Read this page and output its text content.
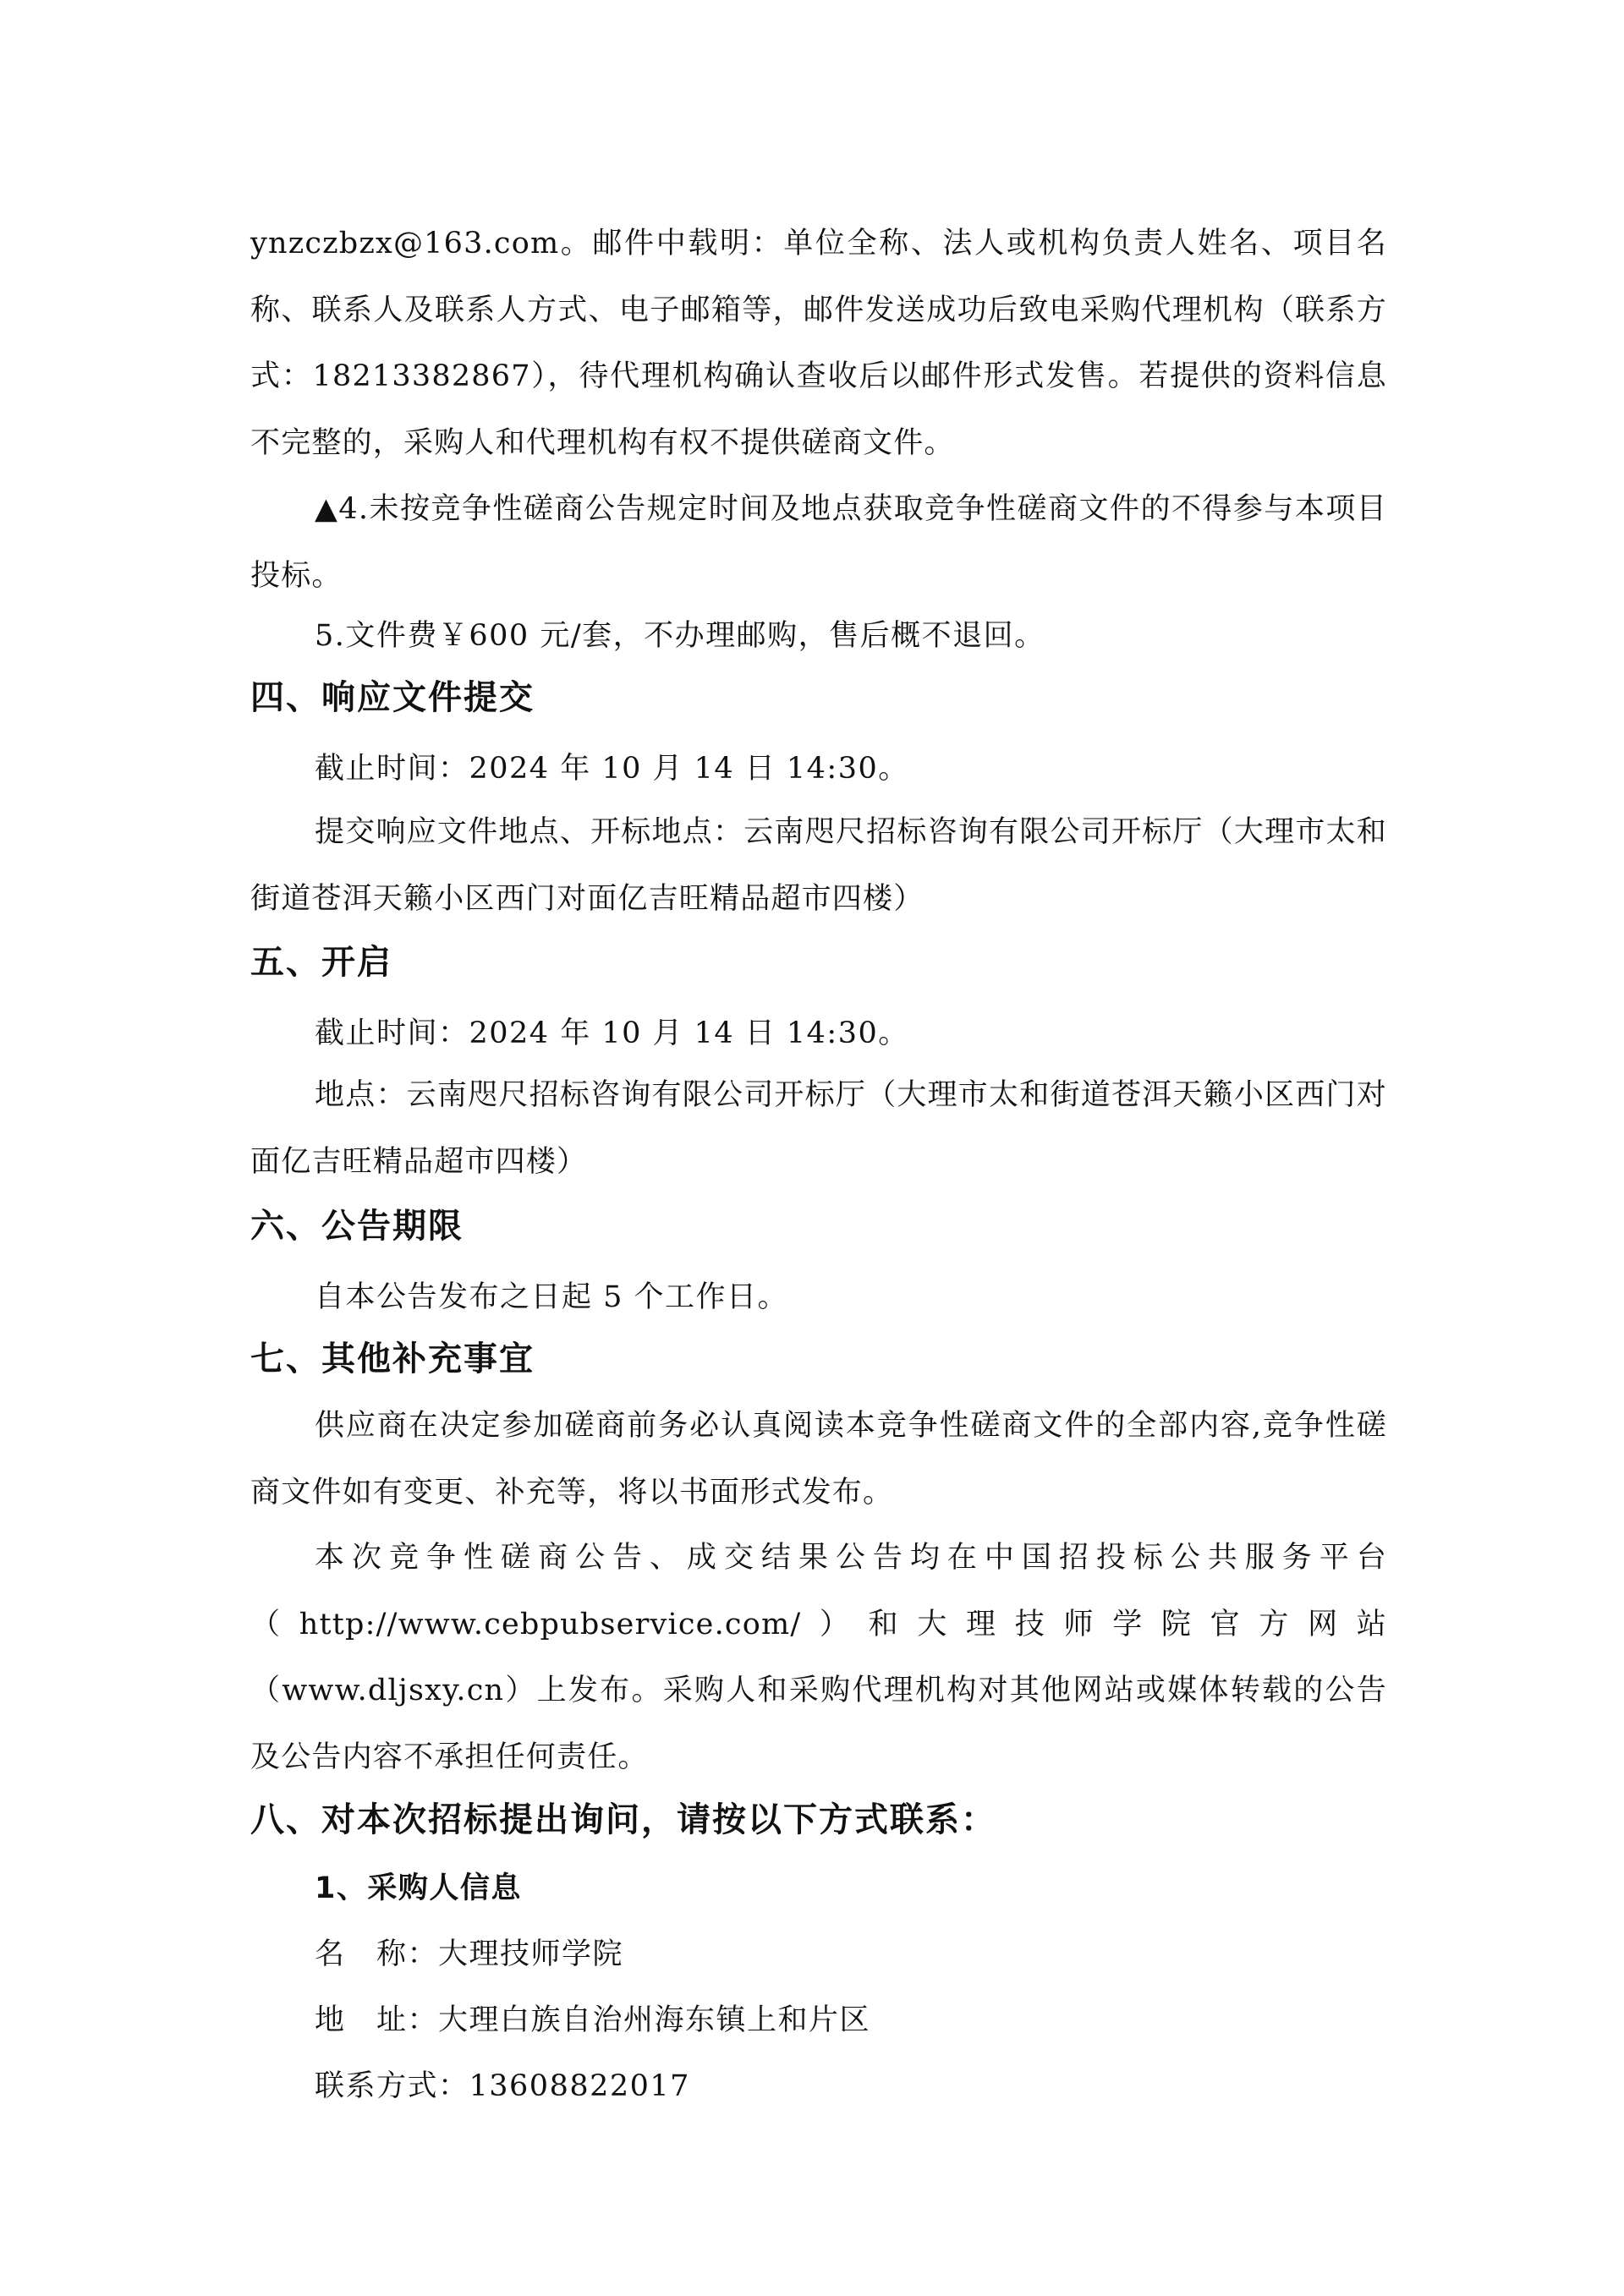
ynzczbzx@163.com。邮件中载明：单位全称、法人或机构负责人姓名、项目名称、联系人及联系人方式、电子邮箱等，邮件发送成功后致电采购代理机构（联系方式：18213382867），待代理机构确认查收后以邮件形式发售。若提供的资料信息不完整的，采购人和代理机构有权不提供磋商文件。
▲4.未按竞争性磋商公告规定时间及地点获取竞争性磋商文件的不得参与本项目投标。
5.文件费￥600 元/套，不办理邮购，售后概不退回。
四、响应文件提交
截止时间：2024 年 10 月 14 日 14:30。
提交响应文件地点、开标地点：云南咫尺招标咨询有限公司开标厅（大理市太和街道苍洱天籁小区西门对面亿吉旺精品超市四楼）
五、开启
截止时间：2024 年 10 月 14 日 14:30。
地点：云南咫尺招标咨询有限公司开标厅（大理市太和街道苍洱天籁小区西门对面亿吉旺精品超市四楼）
六、公告期限
自本公告发布之日起 5 个工作日。
七、其他补充事宜
供应商在决定参加磋商前务必认真阅读本竞争性磋商文件的全部内容,竞争性磋商文件如有变更、补充等，将以书面形式发布。
本次竞争性磋商公告、成交结果公告均在中国招投标公共服务平台（http://www.cebpubservice.com/）和大理技师学院官方网站（www.dljsxy.cn）上发布。采购人和采购代理机构对其他网站或媒体转载的公告及公告内容不承担任何责任。
八、对本次招标提出询问，请按以下方式联系：
1、采购人信息
名　称：大理技师学院
地　址：大理白族自治州海东镇上和片区
联系方式：13608822017
